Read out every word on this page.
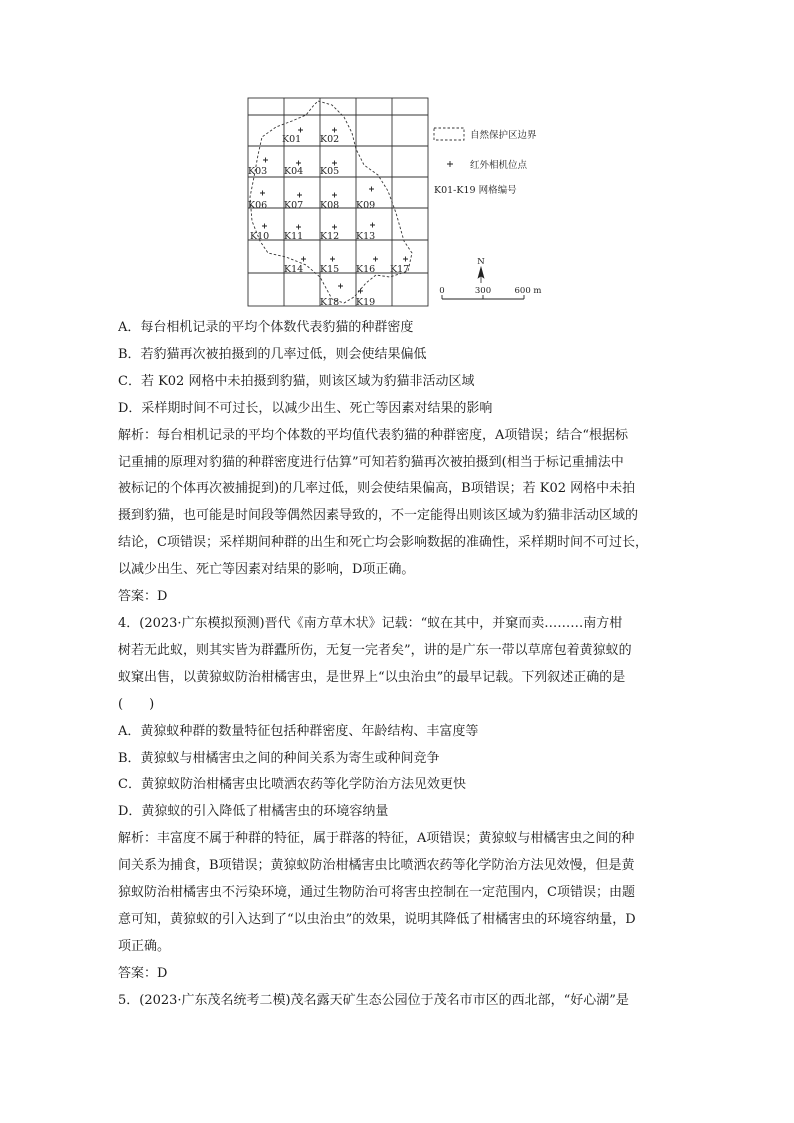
K01 K02
K03 K04 K05
K06 K07 K08 K09
K10 K11 K12 K13
K14 K15 K16 K17
K18 K19
自然保护区边界
红外相机位点
K01-K19 网格编号
N
0	300	600 m
A．每台相机记录的平均个体数代表豹猫的种群密度
B．若豹猫再次被拍摄到的几率过低，则会使结果偏低
C．若 K02 网格中未拍摄到豹猫，则该区域为豹猫非活动区域
D．采样期时间不可过长，以减少出生、死亡等因素对结果的影响
解析：每台相机记录的平均个体数的平均值代表豹猫的种群密度，A项错误；结合“根据标
记重捕的原理对豹猫的种群密度进行估算”可知若豹猫再次被拍摄到(相当于标记重捕法中
被标记的个体再次被捕捉到)的几率过低，则会使结果偏高，B项错误；若 K02 网格中未拍
摄到豹猫，也可能是时间段等偶然因素导致的，不一定能得出则该区域为豹猫非活动区域的
结论，C项错误；采样期间种群的出生和死亡均会影响数据的准确性，采样期时间不可过长，
以减少出生、死亡等因素对结果的影响，D项正确。
答案：D
4．(2023·广东模拟预测)晋代《南方草木状》记载：“蚁在其中，并窠而卖………南方柑
树若无此蚁，则其实皆为群蠹所伤，无复一完者矣”，讲的是广东一带以草席包着黄猄蚁的
蚁窠出售，以黄猄蚁防治柑橘害虫，是世界上“以虫治虫”的最早记载。下列叙述正确的是
(　　)
A．黄猄蚁种群的数量特征包括种群密度、年龄结构、丰富度等
B．黄猄蚁与柑橘害虫之间的种间关系为寄生或种间竞争
C．黄猄蚁防治柑橘害虫比喷洒农药等化学防治方法见效更快
D．黄猄蚁的引入降低了柑橘害虫的环境容纳量
解析：丰富度不属于种群的特征，属于群落的特征，A项错误；黄猄蚁与柑橘害虫之间的种
间关系为捕食，B项错误；黄猄蚁防治柑橘害虫比喷洒农药等化学防治方法见效慢，但是黄
猄蚁防治柑橘害虫不污染环境，通过生物防治可将害虫控制在一定范围内，C项错误；由题
意可知，黄猄蚁的引入达到了“以虫治虫”的效果，说明其降低了柑橘害虫的环境容纳量，D
项正确。
答案：D
5．(2023·广东茂名统考二模)茂名露天矿生态公园位于茂名市市区的西北部，“好心湖”是
